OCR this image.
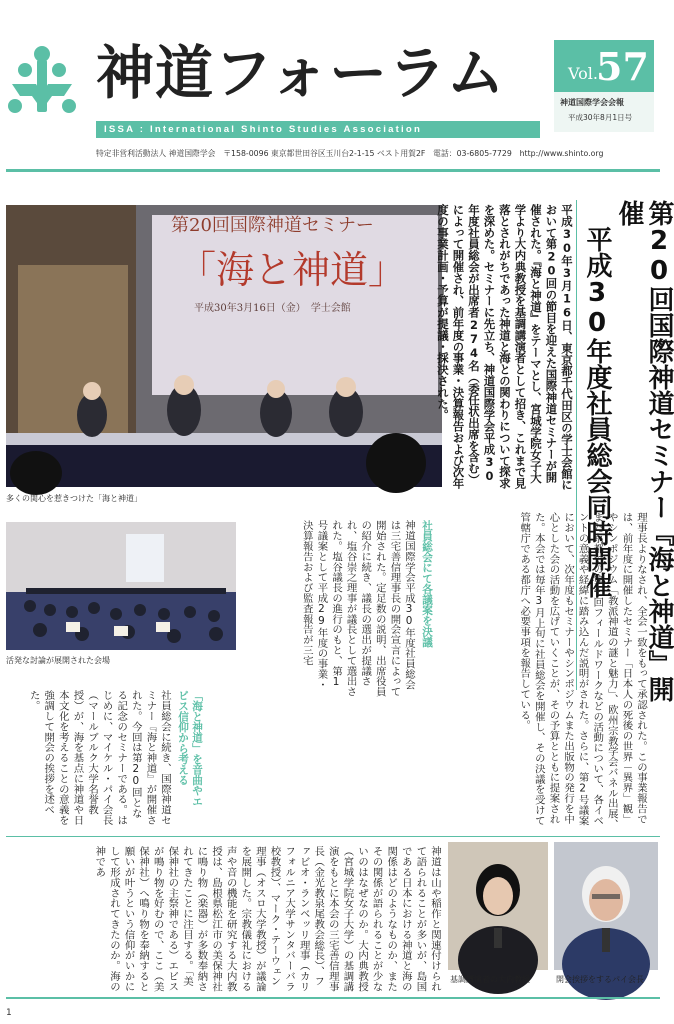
神道フォーラム
ISSA : International Shinto Studies Association
Vol.
57
神道国際学会会報
平成30年8月1日号
特定非営利活動法人 神道国際学会　〒158-0096 東京都世田谷区玉川台2-1-15 ベスト用賀2F　電話：03-6805-7729　http://www.shinto.org
第20回国際神道セミナー
「海と神道」
平成30年3月16日（金）　学士会館
多くの関心を惹きつけた「海と神道」
活発な討論が展開された会場	第20回国際神道セミナー『海と神道』開催
平成30年度社員総会同時開催
平成30年3月16日、東京都千代田区の学士会館において第20回の節目を迎えた国際神道セミナーが開催された。『海と神道』をテーマとし、宮城学院女子大学より大内典教授を基調講演者として招き、これまで見落とされがちであった神道と海との関わりについて探求を深めた。セミナーに先立ち、神道国際学会平成30年度社員総会が出席者274名（委任状出席を含む）によって開催され、前年度の事業・決算報告および次年度の事業計画・予算が提議・採決された。
社員総会にて各議案を決議
神道国際学会平成30年度社員総会は三宅善信理事長の開会宣言によって開始された。定足数の説明、出席役員の紹介に続き、議長の選出が提議され、塩谷崇之理事が議長として選出された。塩谷議長の進行のもと、第1号議案として平成29年度の事業・決算報告および監査報告が三宅	理事長よりなされ、全会一致をもって承認された。この事業報告では、前年度に開催したセミナー「日本人の死後の世界－異界」観」やシンポジウム「教派神道の謎と魅力」、欧州宗教学会バネル出展、また京都での第4回フィールドワークなどの活動について、各イベントの意義や経緯に踏み込んだ説明がされた。さらに、第2号議案において、次年度もセミナーやシンポジウムまた出版物の発行を中心とした会の活動を広げていくことが、その予算とともに提案された。本会では毎年3月上旬に社員総会を開催し、その決議を受けて管轄庁である都庁へ必要事項を報告している。
「海と神道」を音曲やエビス信仰から考える
社員総会に続き、国際神道セミナー『海と神道』が開催された。今回は第20回となる記念のセミナーである。はじめに、マイケル・パイ会長（マールブルク大学名誉教授）が、海を基点に神道や日本文化を考えることの意義を強調して開会の挨拶を述べた。
神道は山や稲作と関連付けられて語られることが多いが、島国である日本における神道と海の関係はどのようなものか、またその関係が語られることが少ないのはなぜなのか。大内典教授（宮城学院女子大学）の基調講演をもとに本会の三宅善信理事長（金光教泉尾教会総長）、ファビオ・ランベッリ理事（カリフォルニア大学サンタバーバラ校教授）、マーク・テーウェン理事（オスロ大学教授）が議論を展開した。宗教儀礼における声や音の機能を研究する大内教授は、島根県松江市の美保神社に鳴り物（楽器）が多数奉納されてきたことに注目する。「美保神社の主祭神である）エビスが鳴り物を好むので、ここ（美保神社）へ鳴り物を奉納すると願いが叶うという信仰がいかにして形成されてきたのか。海の神であ
基調講演者の大内教授	開会挨拶をするパイ会長
1
